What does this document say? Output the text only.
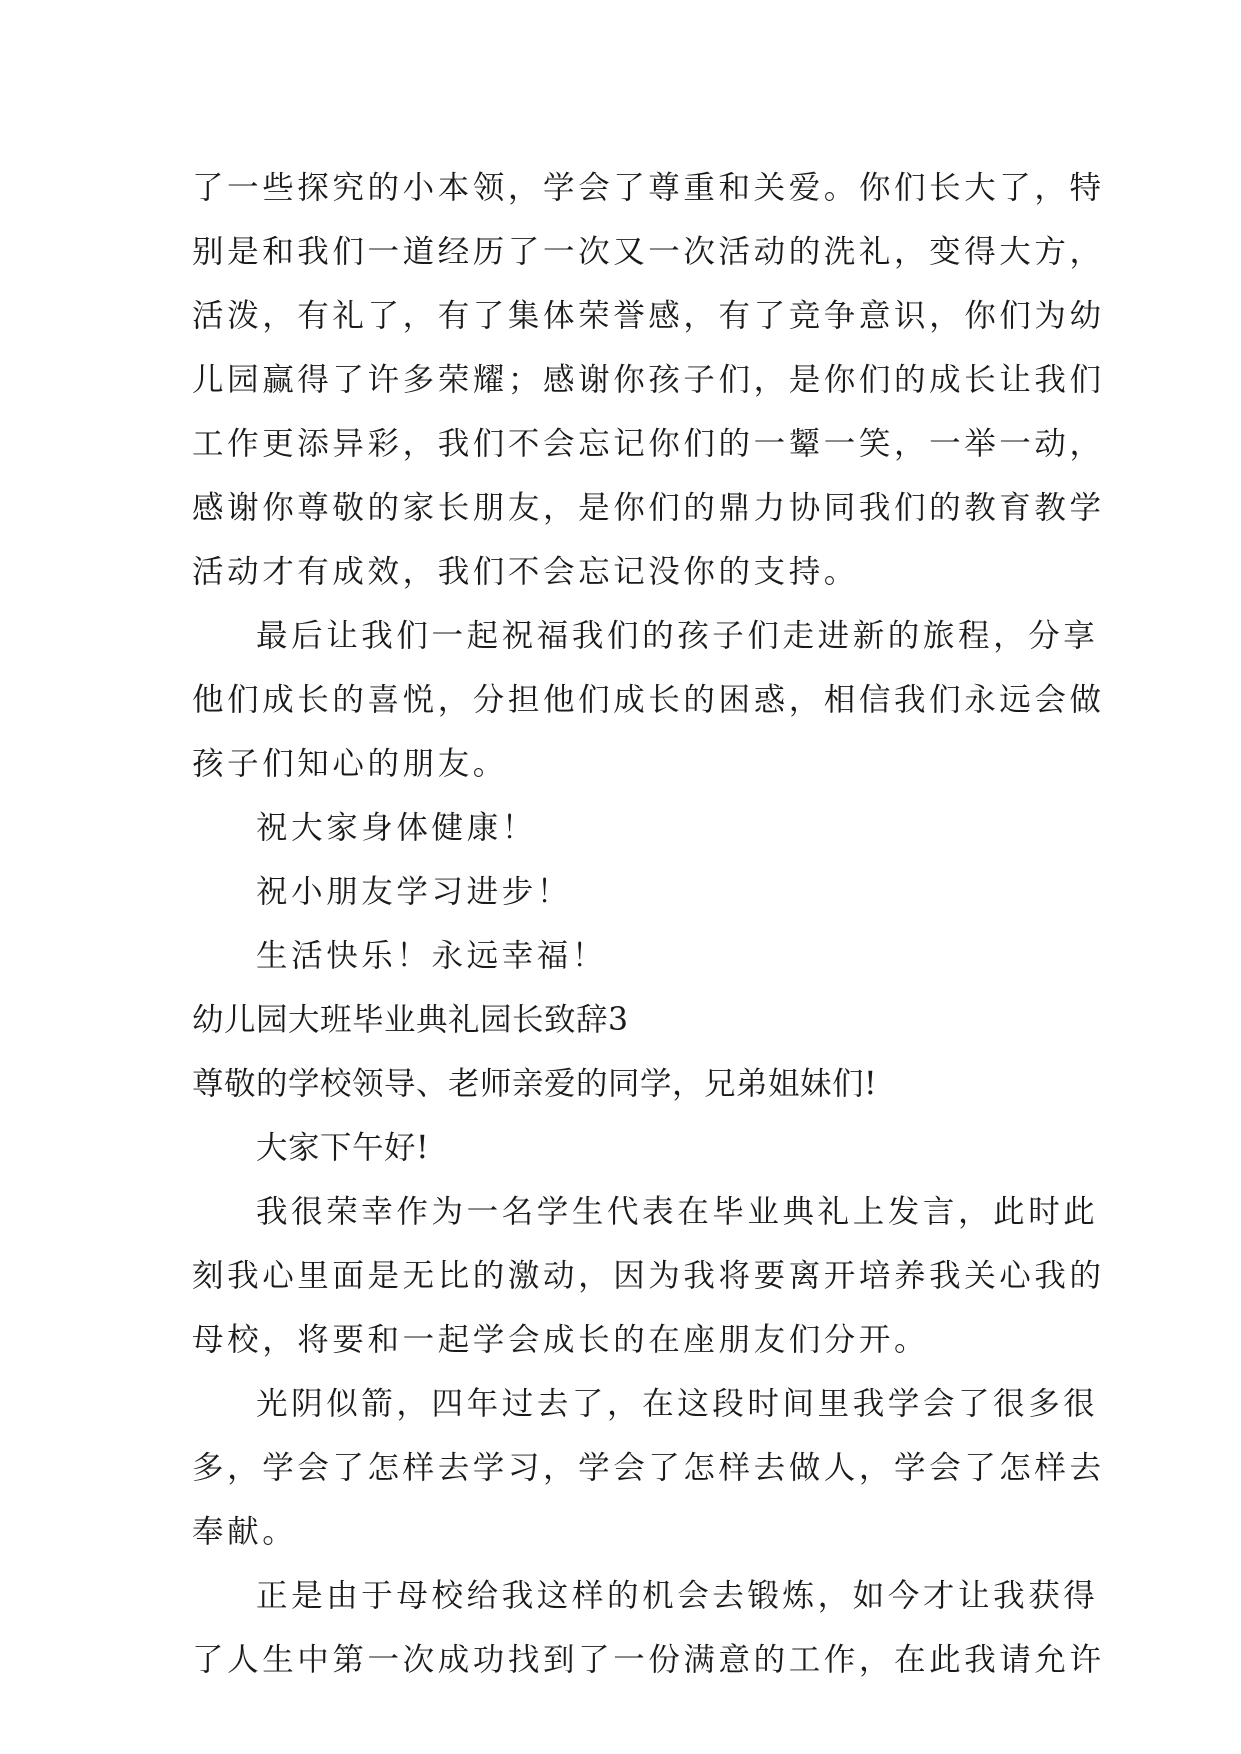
了一些探究的小本领，学会了尊重和关爱。你们长大了，特
别是和我们一道经历了一次又一次活动的洗礼，变得大方，
活泼，有礼了，有了集体荣誉感，有了竞争意识，你们为幼
儿园赢得了许多荣耀；感谢你孩子们，是你们的成长让我们
工作更添异彩，我们不会忘记你们的一颦一笑，一举一动，
感谢你尊敬的家长朋友，是你们的鼎力协同我们的教育教学
活动才有成效，我们不会忘记没你的支持。
最后让我们一起祝福我们的孩子们走进新的旅程，分享
他们成长的喜悦，分担他们成长的困惑，相信我们永远会做
孩子们知心的朋友。
祝大家身体健康！
祝小朋友学习进步！
生活快乐！永远幸福！
幼儿园大班毕业典礼园长致辞3
尊敬的学校领导、老师亲爱的同学，兄弟姐妹们!
大家下午好!
我很荣幸作为一名学生代表在毕业典礼上发言，此时此
刻我心里面是无比的激动，因为我将要离开培养我关心我的
母校，将要和一起学会成长的在座朋友们分开。
光阴似箭，四年过去了，在这段时间里我学会了很多很
多，学会了怎样去学习，学会了怎样去做人，学会了怎样去
奉献。
正是由于母校给我这样的机会去锻炼，如今才让我获得
了人生中第一次成功找到了一份满意的工作，在此我请允许
